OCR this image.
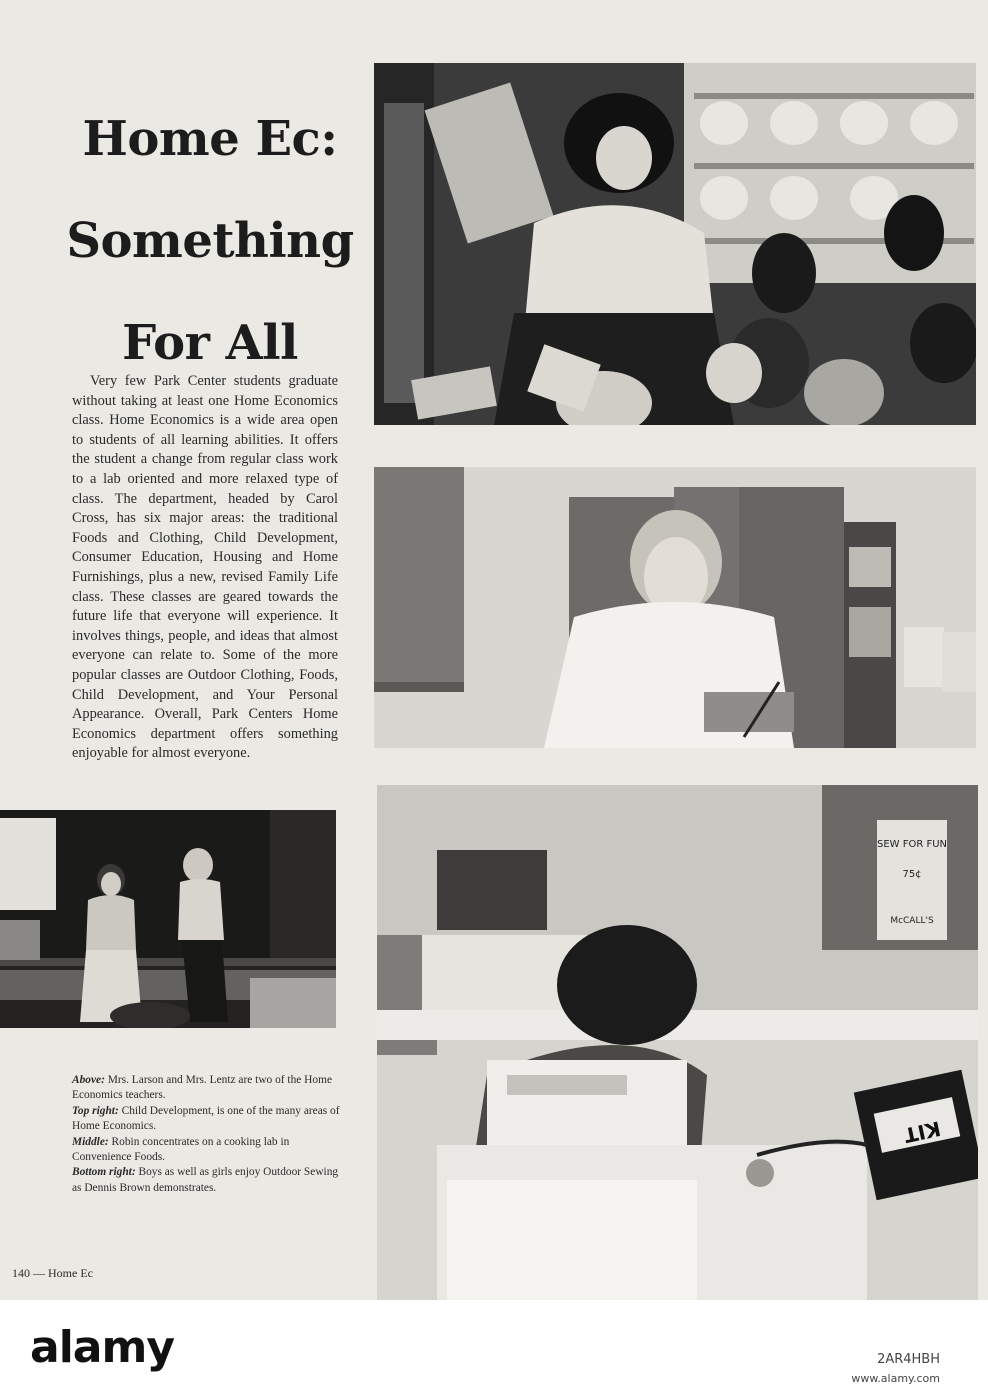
Home Ec:
Something
For All
Very few Park Center students graduate without taking at least one Home Economics class. Home Economics is a wide area open to students of all learning abilities. It offers the student a change from regular class work to a lab oriented and more relaxed type of class. The department, headed by Carol Cross, has six major areas: the traditional Foods and Clothing, Child Development, Consumer Education, Housing and Home Furnishings, plus a new, revised Family Life class. These classes are geared towards the future life that everyone will experience. It involves things, people, and ideas that almost everyone can relate to. Some of the more popular classes are Outdoor Clothing, Foods, Child Development, and Your Personal Appearance. Overall, Park Centers Home Economics department offers something enjoyable for almost everyone.
SEW FOR FUN
75¢
McCALL'S
KIT

Above: Mrs. Larson and Mrs. Lentz are two of the Home Economics teachers.

Top right: Child Development, is one of the many areas of Home Economics.

Middle: Robin concentrates on a cooking lab in Convenience Foods.

Bottom right: Boys as well as girls enjoy Outdoor Sewing as Dennis Brown demonstrates.

140 — Home Ec
alamy	2AR4HBH
www.alamy.com
